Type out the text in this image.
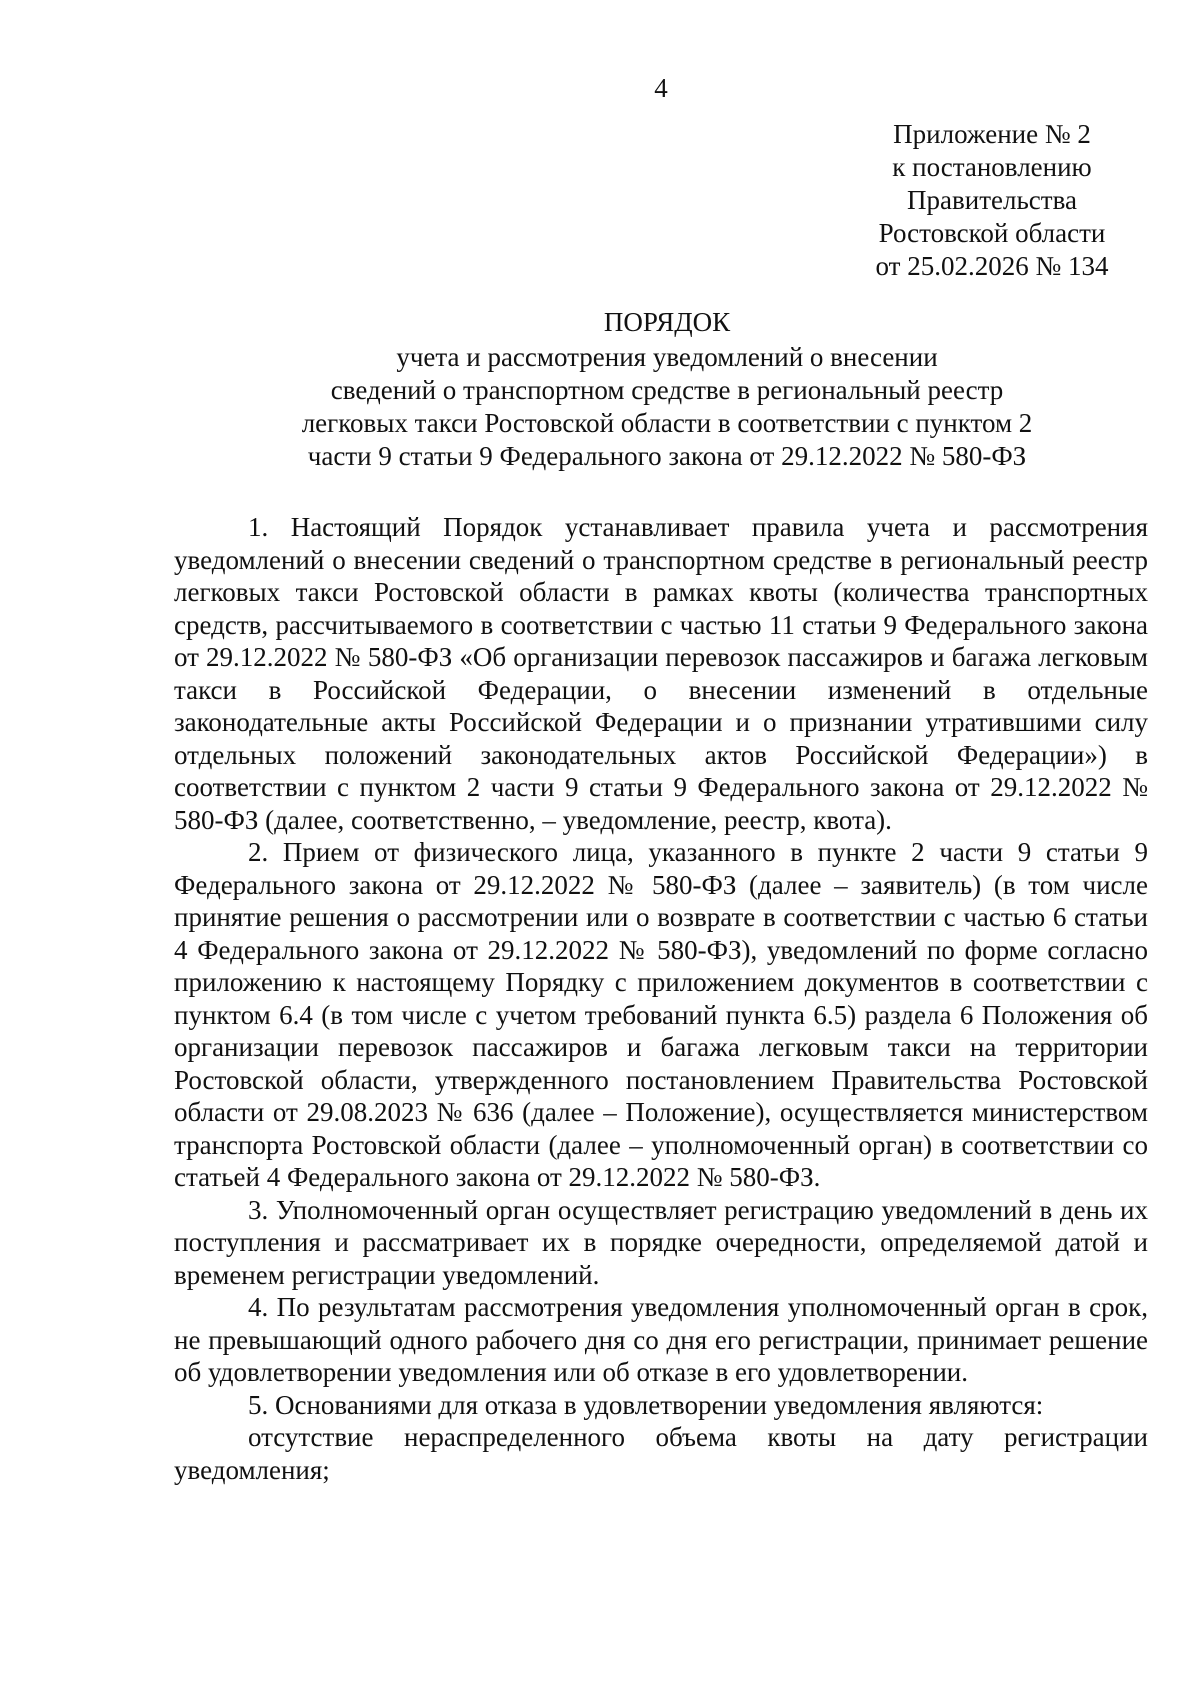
4
Приложение № 2
к постановлению
Правительства
Ростовской области
от 25.02.2026 № 134
ПОРЯДОК
учета и рассмотрения уведомлений о внесении
сведений о транспортном средстве в региональный реестр
легковых такси Ростовской области в соответствии с пунктом 2
части 9 статьи 9 Федерального закона от 29.12.2022 № 580-ФЗ

1. Настоящий Порядок устанавливает правила учета и рассмотрения уведомлений о внесении сведений о транспортном средстве в региональный реестр легковых такси Ростовской области в рамках квоты (количества транспортных средств, рассчитываемого в соответствии с частью 11 статьи 9 Федерального закона от 29.12.2022 № 580-ФЗ «Об организации перевозок пассажиров и багажа легковым такси в Российской Федерации, о внесении изменений в отдельные законодательные акты Российской Федерации и о признании утратившими силу отдельных положений законодательных актов Российской Федерации») в соответствии с пунктом 2 части 9 статьи 9 Федерального закона от 29.12.2022 № 580-ФЗ (далее, соответственно, – уведомление, реестр, квота).

2. Прием от физического лица, указанного в пункте 2 части 9 статьи 9 Федерального закона от 29.12.2022 № 580-ФЗ (далее – заявитель) (в том числе принятие решения о рассмотрении или о возврате в соответствии с частью 6 статьи 4 Федерального закона от 29.12.2022 № 580-ФЗ), уведомлений по форме согласно приложению к настоящему Порядку с приложением документов в соответствии с пунктом 6.4 (в том числе с учетом требований пункта 6.5) раздела 6 Положения об организации перевозок пассажиров и багажа легковым такси на территории Ростовской области, утвержденного постановлением Правительства Ростовской области от 29.08.2023 № 636 (далее – Положение), осуществляется министерством транспорта Ростовской области (далее – уполномоченный орган) в соответствии со статьей 4 Федерального закона от 29.12.2022 № 580-ФЗ.

3. Уполномоченный орган осуществляет регистрацию уведомлений в день их поступления и рассматривает их в порядке очередности, определяемой датой и временем регистрации уведомлений.

4. По результатам рассмотрения уведомления уполномоченный орган в срок, не превышающий одного рабочего дня со дня его регистрации, принимает решение об удовлетворении уведомления или об отказе в его удовлетворении.

5. Основаниями для отказа в удовлетворении уведомления являются:

отсутствие нераспределенного объема квоты на дату регистрации уведомления;
